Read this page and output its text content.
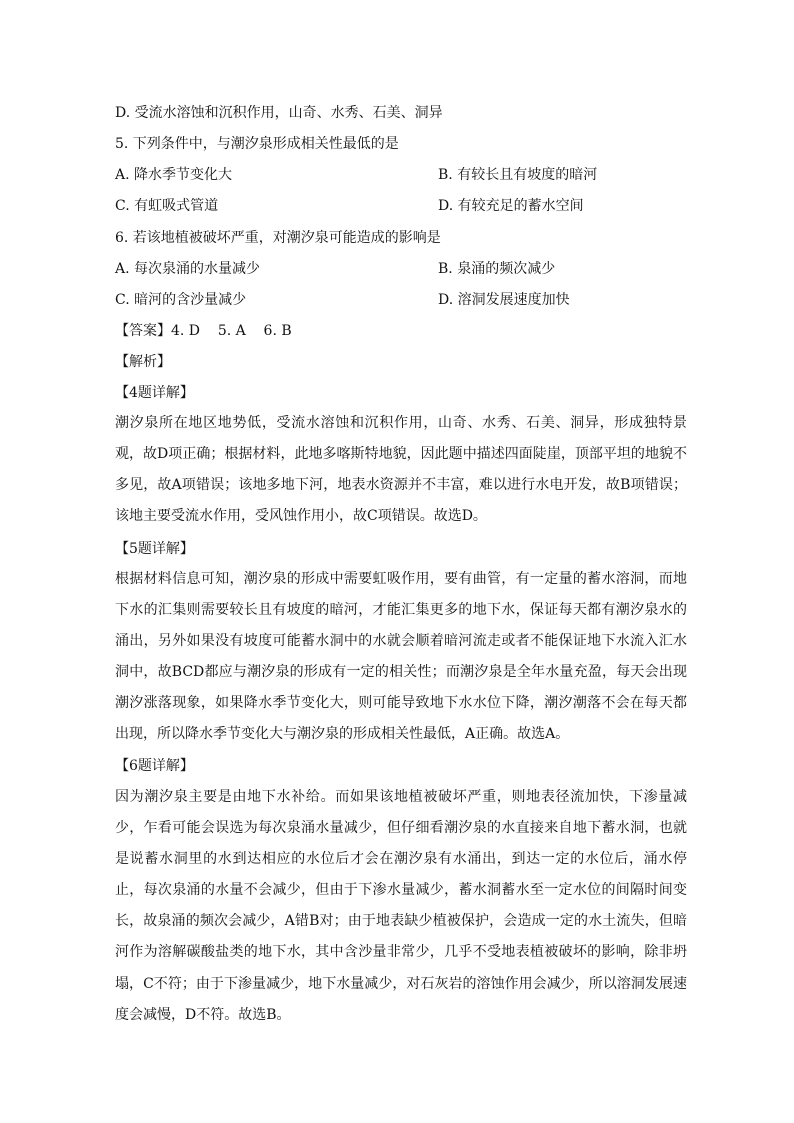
D. 受流水溶蚀和沉积作用，山奇、水秀、石美、洞异
5. 下列条件中，与潮汐泉形成相关性最低的是
A. 降水季节变化大	B. 有较长且有坡度的暗河
C. 有虹吸式管道	D. 有较充足的蓄水空间
6. 若该地植被破坏严重，对潮汐泉可能造成的影响是
A. 每次泉涌的水量减少	B. 泉涌的频次减少
C. 暗河的含沙量减少	D. 溶洞发展速度加快
【答案】4. D    5. A    6. B
【解析】
【4题详解】
潮汐泉所在地区地势低，受流水溶蚀和沉积作用，山奇、水秀、石美、洞异，形成独特景观，故D项正确；根据材料，此地多喀斯特地貌，因此题中描述四面陡崖，顶部平坦的地貌不多见，故A项错误；该地多地下河，地表水资源并不丰富，难以进行水电开发，故B项错误；该地主要受流水作用，受风蚀作用小，故C项错误。故选D。
【5题详解】
根据材料信息可知，潮汐泉的形成中需要虹吸作用，要有曲管，有一定量的蓄水溶洞，而地下水的汇集则需要较长且有坡度的暗河，才能汇集更多的地下水，保证每天都有潮汐泉水的涌出，另外如果没有坡度可能蓄水洞中的水就会顺着暗河流走或者不能保证地下水流入汇水洞中，故BCD都应与潮汐泉的形成有一定的相关性；而潮汐泉是全年水量充盈，每天会出现潮汐涨落现象，如果降水季节变化大，则可能导致地下水水位下降，潮汐潮落不会在每天都出现，所以降水季节变化大与潮汐泉的形成相关性最低，A正确。故选A。
【6题详解】
因为潮汐泉主要是由地下水补给。而如果该地植被破坏严重，则地表径流加快，下渗量减少，乍看可能会误选为每次泉涌水量减少，但仔细看潮汐泉的水直接来自地下蓄水洞，也就是说蓄水洞里的水到达相应的水位后才会在潮汐泉有水涌出，到达一定的水位后，涌水停止，每次泉涌的水量不会减少，但由于下渗水量减少，蓄水洞蓄水至一定水位的间隔时间变长，故泉涌的频次会减少，A错B对；由于地表缺少植被保护，会造成一定的水土流失，但暗河作为溶解碳酸盐类的地下水，其中含沙量非常少，几乎不受地表植被破坏的影响，除非坍塌，C不符；由于下渗量减少，地下水量减少，对石灰岩的溶蚀作用会减少，所以溶洞发展速度会减慢，D不符。故选B。
